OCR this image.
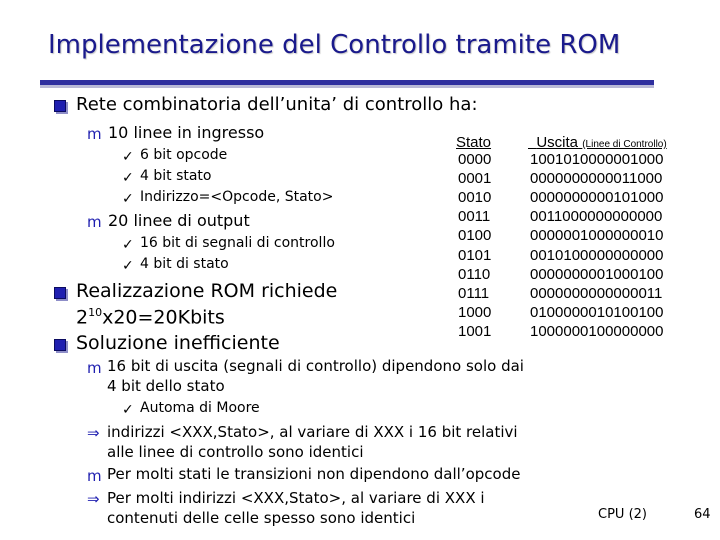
Implementazione del Controllo tramite ROM
Rete combinatoria dell’unita’ di controllo ha:
m 10 linee in ingresso
✓ 6 bit opcode
✓ 4 bit stato
✓ Indirizzo=<Opcode, Stato>
m 20 linee di output
✓ 16 bit di segnali di controllo
✓ 4 bit di stato
Realizzazione ROM richiede
$2^{10}x20=20Kbits$
Soluzione inefficiente
m 16 bit di uscita (segnali di controllo) dipendono solo dai
4 bit dello stato
✓ Automa di Moore
⇒ indirizzi <XXX,Stato>, al variare di XXX i 16 bit relativi
alle linee di controllo sono identici
m Per molti stati le transizioni non dipendono dall’opcode
⇒ Per molti indirizzi <XXX,Stato>, al variare di XXX i
contenuti delle celle spesso sono identici
Stato	Uscita (Linee di Controllo)
0000	1001010000001000
0001	0000000000011000
0010	0000000000101000
0011	0011000000000000
0100	0000001000000010
0101	0010100000000000
0110	0000000001000100
0111	0000000000000011
1000	0100000010100100
1001	1000000100000000
CPU (2)	64
